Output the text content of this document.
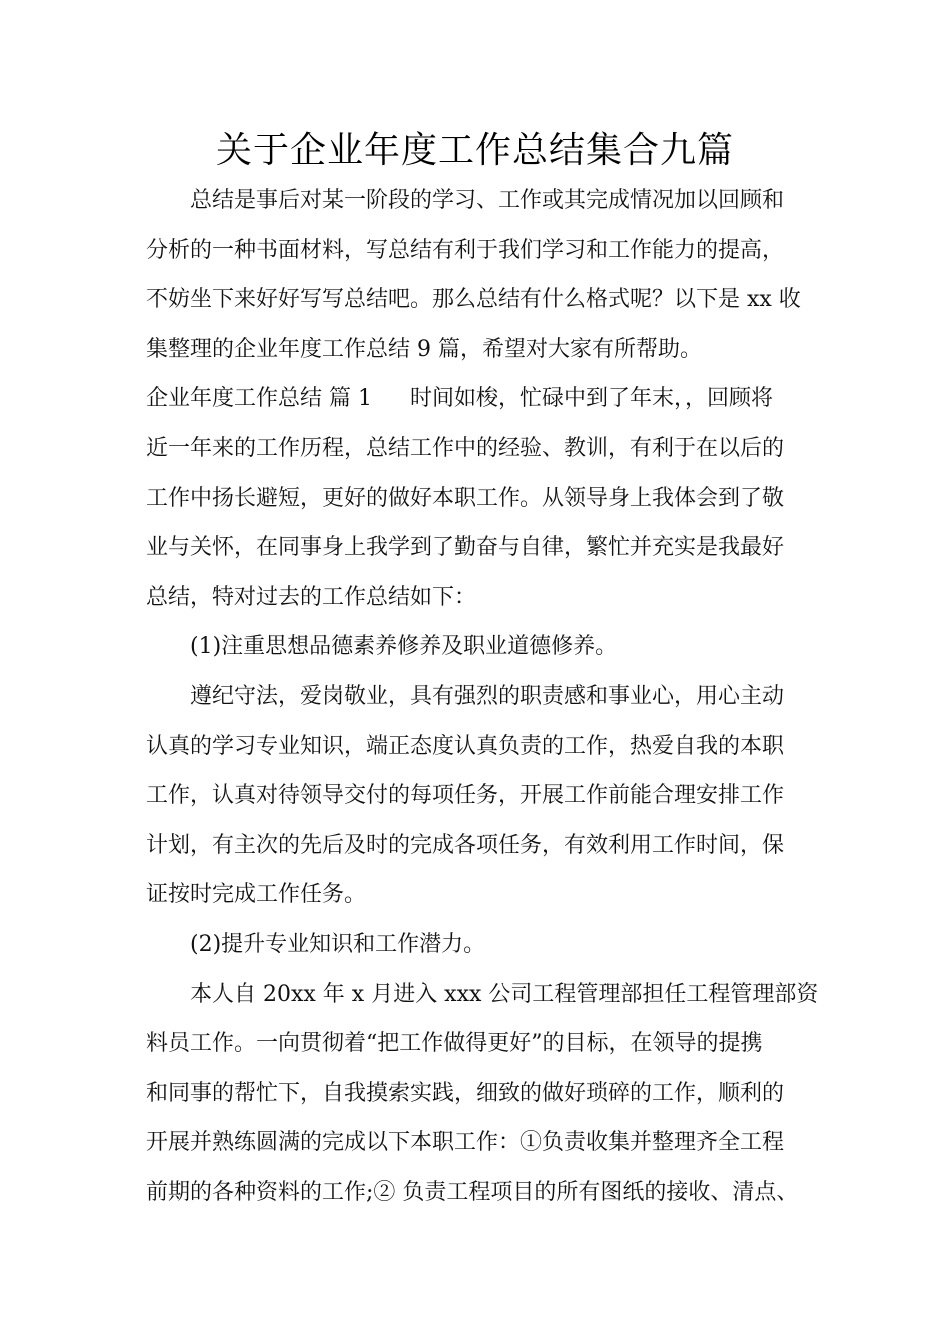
关于企业年度工作总结集合九篇
总结是事后对某一阶段的学习、工作或其完成情况加以回顾和
分析的一种书面材料，写总结有利于我们学习和工作能力的提高，
不妨坐下来好好写写总结吧。那么总结有什么格式呢？以下是 xx 收
集整理的企业年度工作总结 9 篇，希望对大家有所帮助。
企业年度工作总结 篇 1 时间如梭，忙碌中到了年末，，回顾将
近一年来的工作历程，总结工作中的经验、教训，有利于在以后的
工作中扬长避短，更好的做好本职工作。从领导身上我体会到了敬
业与关怀，在同事身上我学到了勤奋与自律，繁忙并充实是我最好
总结，特对过去的工作总结如下：
(1)注重思想品德素养修养及职业道德修养。
遵纪守法，爱岗敬业，具有强烈的职责感和事业心，用心主动
认真的学习专业知识，端正态度认真负责的工作，热爱自我的本职
工作，认真对待领导交付的每项任务，开展工作前能合理安排工作
计划，有主次的先后及时的完成各项任务，有效利用工作时间，保
证按时完成工作任务。
(2)提升专业知识和工作潜力。
本人自 20xx 年 x 月进入 xxx 公司工程管理部担任工程管理部资
料员工作。一向贯彻着“把工作做得更好”的目标，在领导的提携
和同事的帮忙下，自我摸索实践，细致的做好琐碎的工作，顺利的
开展并熟练圆满的完成以下本职工作：①负责收集并整理齐全工程
前期的各种资料的工作;② 负责工程项目的所有图纸的接收、清点、
